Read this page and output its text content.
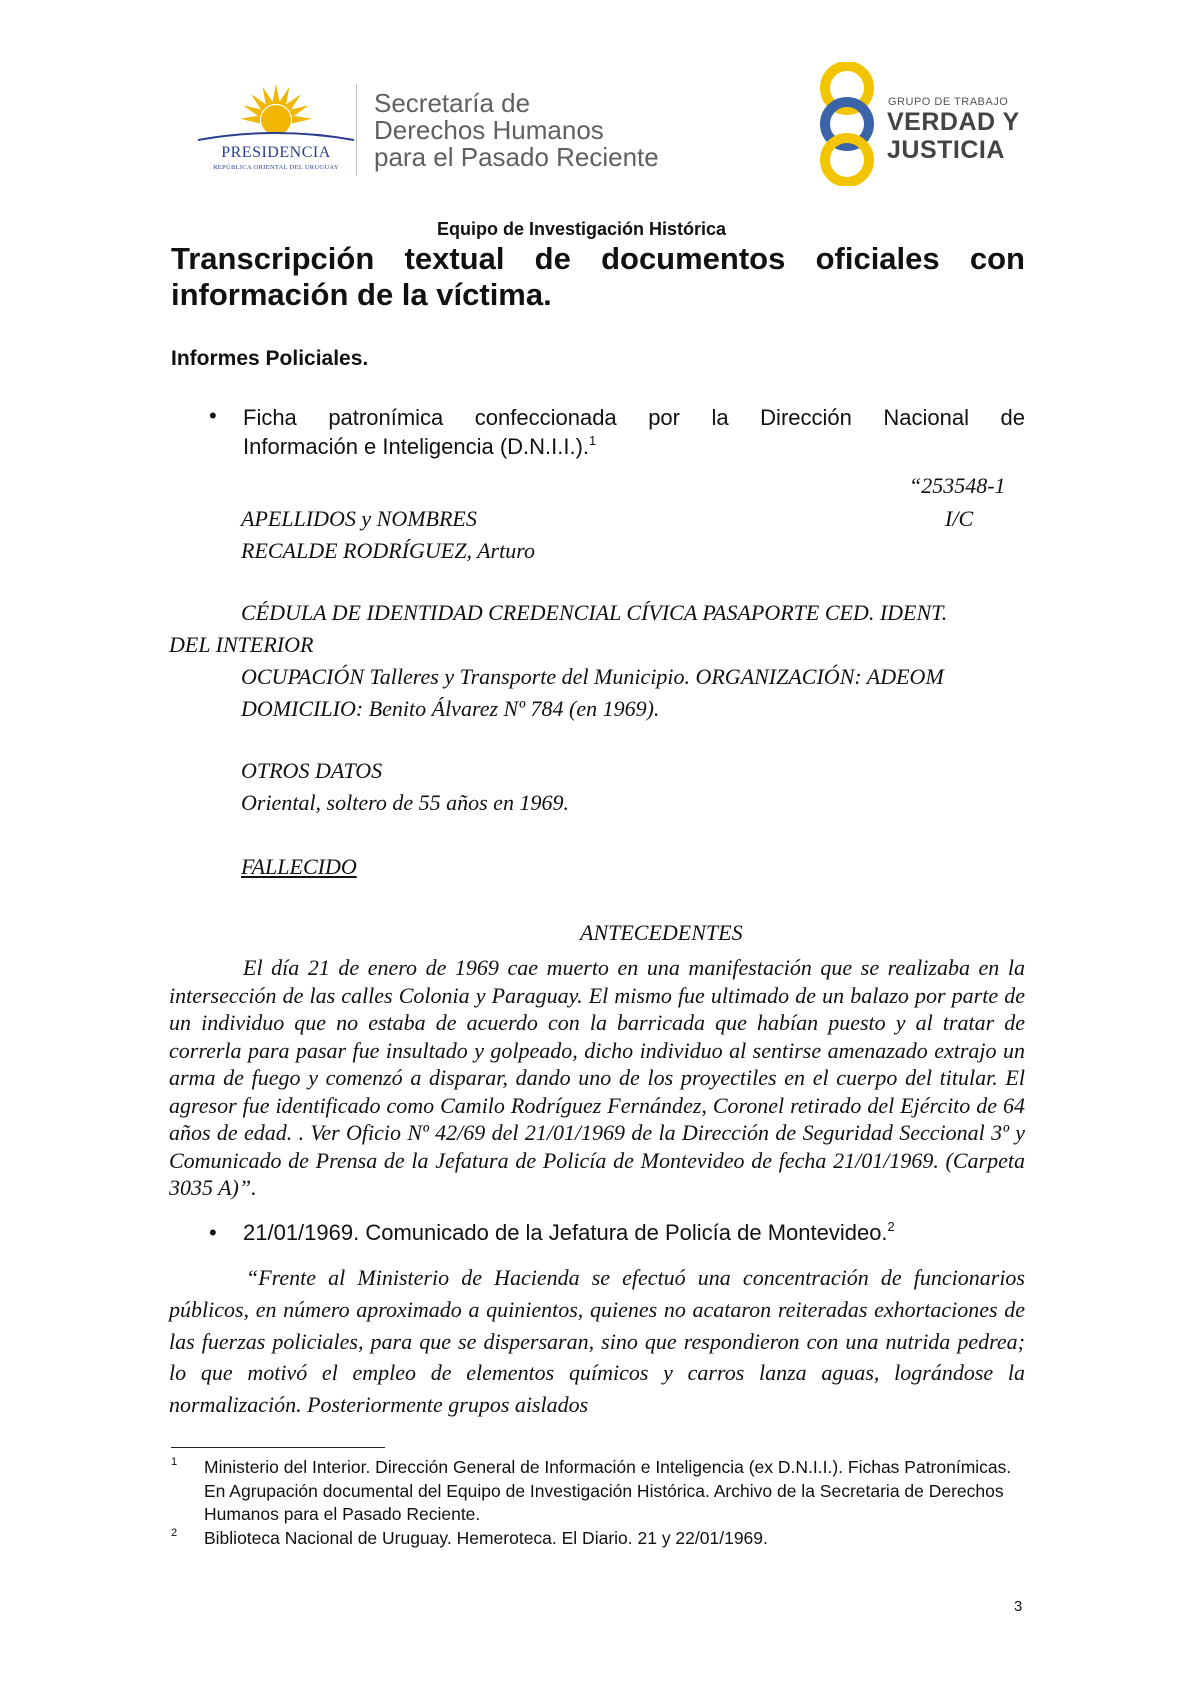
PRESIDENCIA
REPÚBLICA ORIENTAL DEL URUGUAY
Secretaría de
Derechos Humanos
para el Pasado Reciente
GRUPO DE TRABAJO
VERDAD Y
JUSTICIA
Equipo de Investigación Histórica
Transcripción textual de documentos oficiales con
información de la víctima.
Informes Policiales.
• Ficha patronímica confeccionada por la Dirección Nacional de
Información e Inteligencia (D.N.I.I.).$^1$
“253548-1
APELLIDOS y NOMBRES	I/C
RECALDE RODRÍGUEZ, Arturo
CÉDULA DE IDENTIDAD CREDENCIAL CÍVICA PASAPORTE CED. IDENT.
DEL INTERIOR
OCUPACIÓN Talleres y Transporte del Municipio. ORGANIZACIÓN: ADEOM
DOMICILIO: Benito Álvarez Nº 784 (en 1969).
OTROS DATOS
Oriental, soltero de 55 años en 1969.
FALLECIDO
ANTECEDENTES
El día 21 de enero de 1969 cae muerto en una manifestación que se realizaba en la intersección de las calles Colonia y Paraguay. El mismo fue ultimado de un balazo por parte de un individuo que no estaba de acuerdo con la barricada que habían puesto y al tratar de correrla para pasar fue insultado y golpeado, dicho individuo al sentirse amenazado extrajo un arma de fuego y comenzó a disparar, dando uno de los proyectiles en el cuerpo del titular. El agresor fue identificado como Camilo Rodríguez Fernández, Coronel retirado del Ejército de 64 años de edad. . Ver Oficio Nº 42/69 del 21/01/1969 de la Dirección de Seguridad Seccional 3º y Comunicado de Prensa de la Jefatura de Policía de Montevideo de fecha 21/01/1969. (Carpeta 3035 A)”.
• 21/01/1969. Comunicado de la Jefatura de Policía de Montevideo.$^2$
“Frente al Ministerio de Hacienda se efectuó una concentración de funcionarios públicos, en número aproximado a quinientos, quienes no acataron reiteradas exhortaciones de las fuerzas policiales, para que se dispersaran, sino que respondieron con una nutrida pedrea; lo que motivó el empleo de elementos químicos y carros lanza aguas, lográndose la normalización. Posteriormente grupos aislados
1 Ministerio del Interior. Dirección General de Información e Inteligencia (ex D.N.I.I.). Fichas Patronímicas. En Agrupación documental del Equipo de Investigación Histórica. Archivo de la Secretaria de Derechos Humanos para el Pasado Reciente.
2 Biblioteca Nacional de Uruguay. Hemeroteca. El Diario. 21 y 22/01/1969.
3
